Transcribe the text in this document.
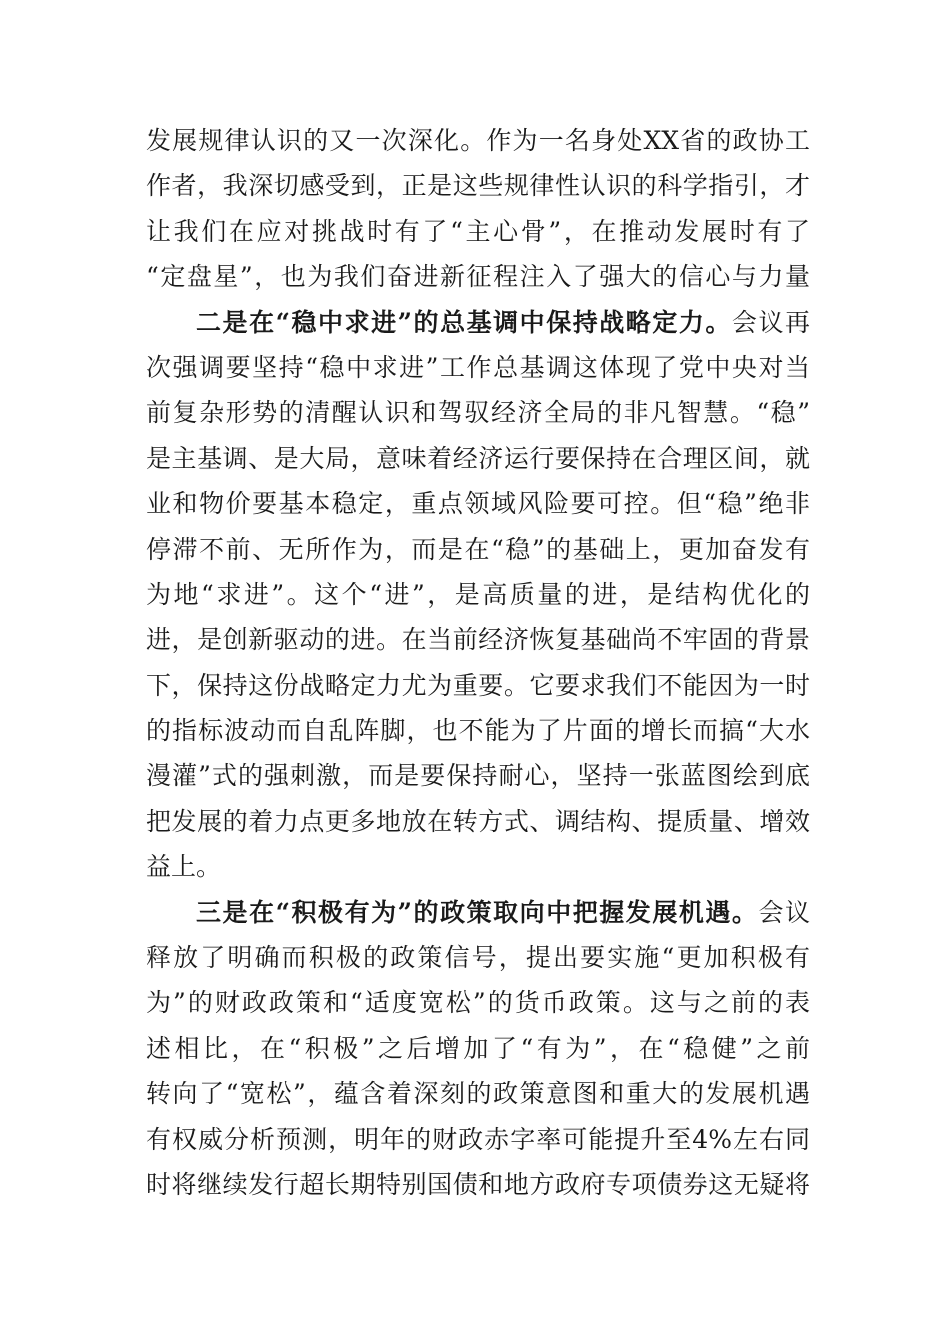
发展规律认识的又一次深化。作为一名身处XX省的政协工
作者，我深切感受到，正是这些规律性认识的科学指引，才
让我们在应对挑战时有了“主心骨”，在推动发展时有了
“定盘星”，也为我们奋进新征程注入了强大的信心与力量
二是在“稳中求进”的总基调中保持战略定力。会议再
次强调要坚持“稳中求进”工作总基调这体现了党中央对当
前复杂形势的清醒认识和驾驭经济全局的非凡智慧。“稳”
是主基调、是大局，意味着经济运行要保持在合理区间，就
业和物价要基本稳定，重点领域风险要可控。但“稳”绝非
停滞不前、无所作为，而是在“稳”的基础上，更加奋发有
为地“求进”。这个“进”，是高质量的进，是结构优化的
进，是创新驱动的进。在当前经济恢复基础尚不牢固的背景
下，保持这份战略定力尤为重要。它要求我们不能因为一时
的指标波动而自乱阵脚，也不能为了片面的增长而搞“大水
漫灌”式的强刺激，而是要保持耐心，坚持一张蓝图绘到底
把发展的着力点更多地放在转方式、调结构、提质量、增效
益上。
三是在“积极有为”的政策取向中把握发展机遇。会议
释放了明确而积极的政策信号，提出要实施“更加积极有
为”的财政政策和“适度宽松”的货币政策。这与之前的表
述相比，在“积极”之后增加了“有为”，在“稳健”之前
转向了“宽松”，蕴含着深刻的政策意图和重大的发展机遇
有权威分析预测，明年的财政赤字率可能提升至4%左右同
时将继续发行超长期特别国债和地方政府专项债券这无疑将
